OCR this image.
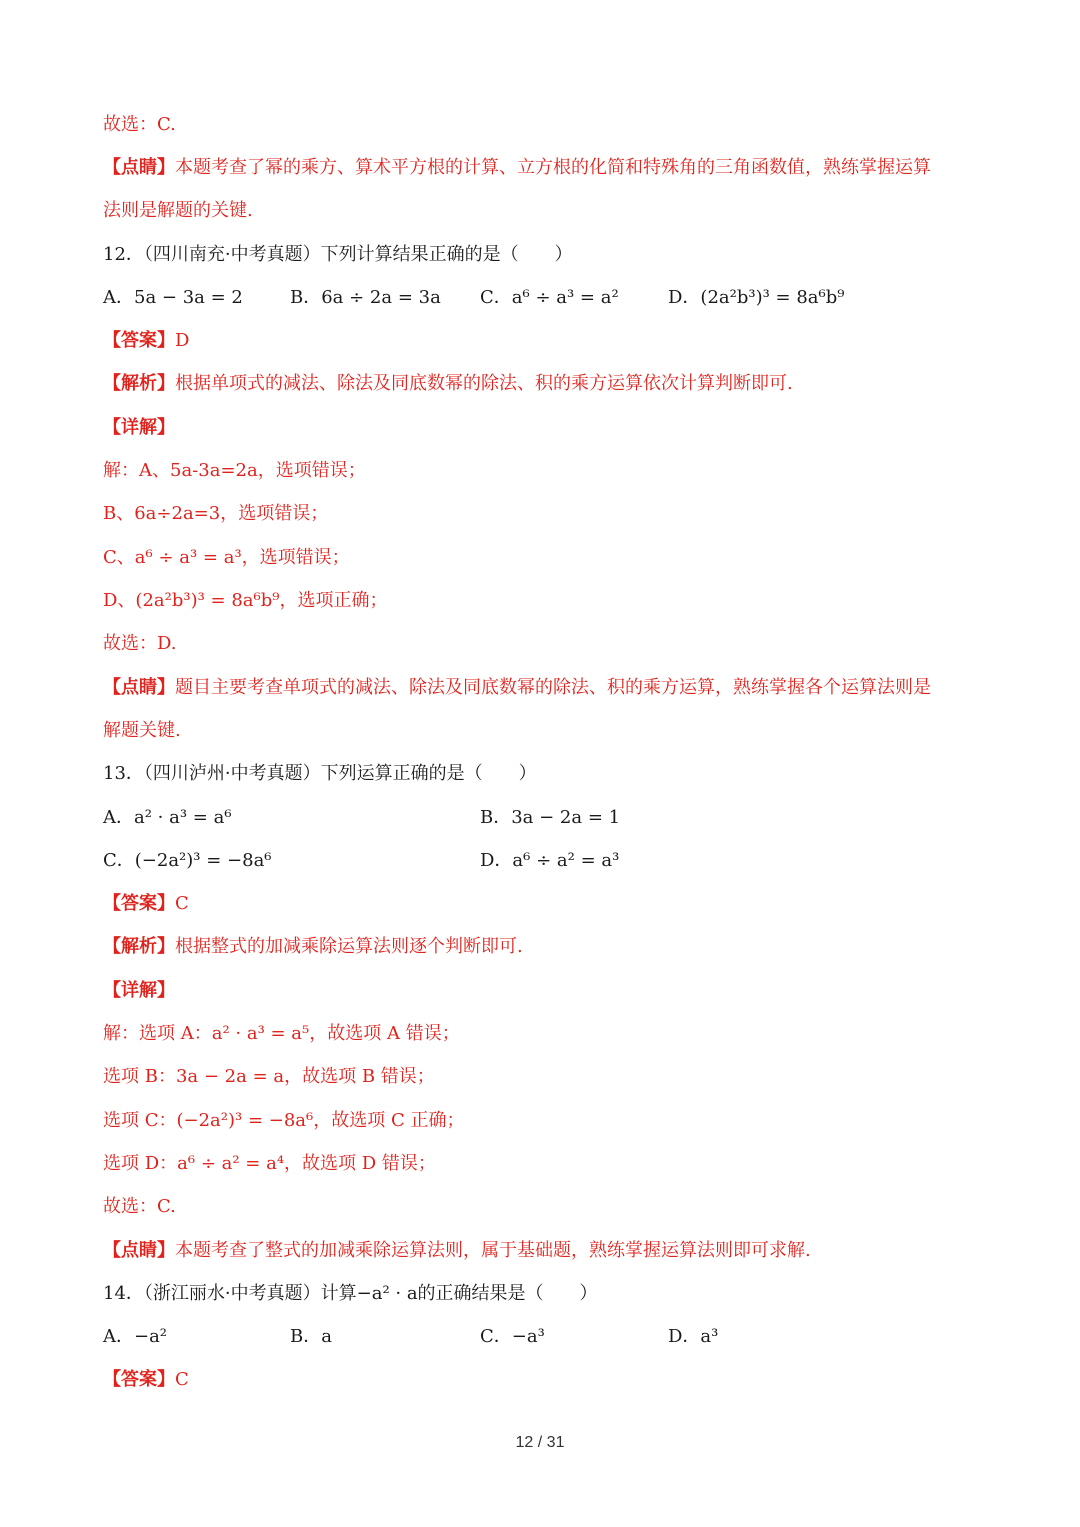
故选：C.
【点睛】本题考查了幂的乘方、算术平方根的计算、立方根的化简和特殊角的三角函数值，熟练掌握运算
法则是解题的关键.
12．（四川南充·中考真题）下列计算结果正确的是（　　）
A．5a − 3a = 2	B．6a ÷ 2a = 3a C．a⁶ ÷ a³ = a²	D．(2a²b³)³ = 8a⁶b⁹
【答案】D
【解析】根据单项式的减法、除法及同底数幂的除法、积的乘方运算依次计算判断即可.
【详解】
解：A、5a-3a=2a，选项错误；
B、6a÷2a=3，选项错误；
C、a⁶ ÷ a³ = a³，选项错误；
D、(2a²b³)³ = 8a⁶b⁹，选项正确；
故选：D.
【点睛】题目主要考查单项式的减法、除法及同底数幂的除法、积的乘方运算，熟练掌握各个运算法则是
解题关键.
13．（四川泸州·中考真题）下列运算正确的是（　　）
A．a² · a³ = a⁶	B．3a − 2a = 1
C．(−2a²)³ = −8a⁶	D．a⁶ ÷ a² = a³
【答案】C
【解析】根据整式的加减乘除运算法则逐个判断即可.
【详解】
解：选项 A：a² · a³ = a⁵，故选项 A 错误；
选项 B：3a − 2a = a，故选项 B 错误；
选项 C：(−2a²)³ = −8a⁶，故选项 C 正确；
选项 D：a⁶ ÷ a² = a⁴，故选项 D 错误；
故选：C.
【点睛】本题考查了整式的加减乘除运算法则，属于基础题，熟练掌握运算法则即可求解.
14．（浙江丽水·中考真题）计算−a² · a的正确结果是（　　）
A．−a²	B．a	C．−a³	D．a³
【答案】C
12 / 31
